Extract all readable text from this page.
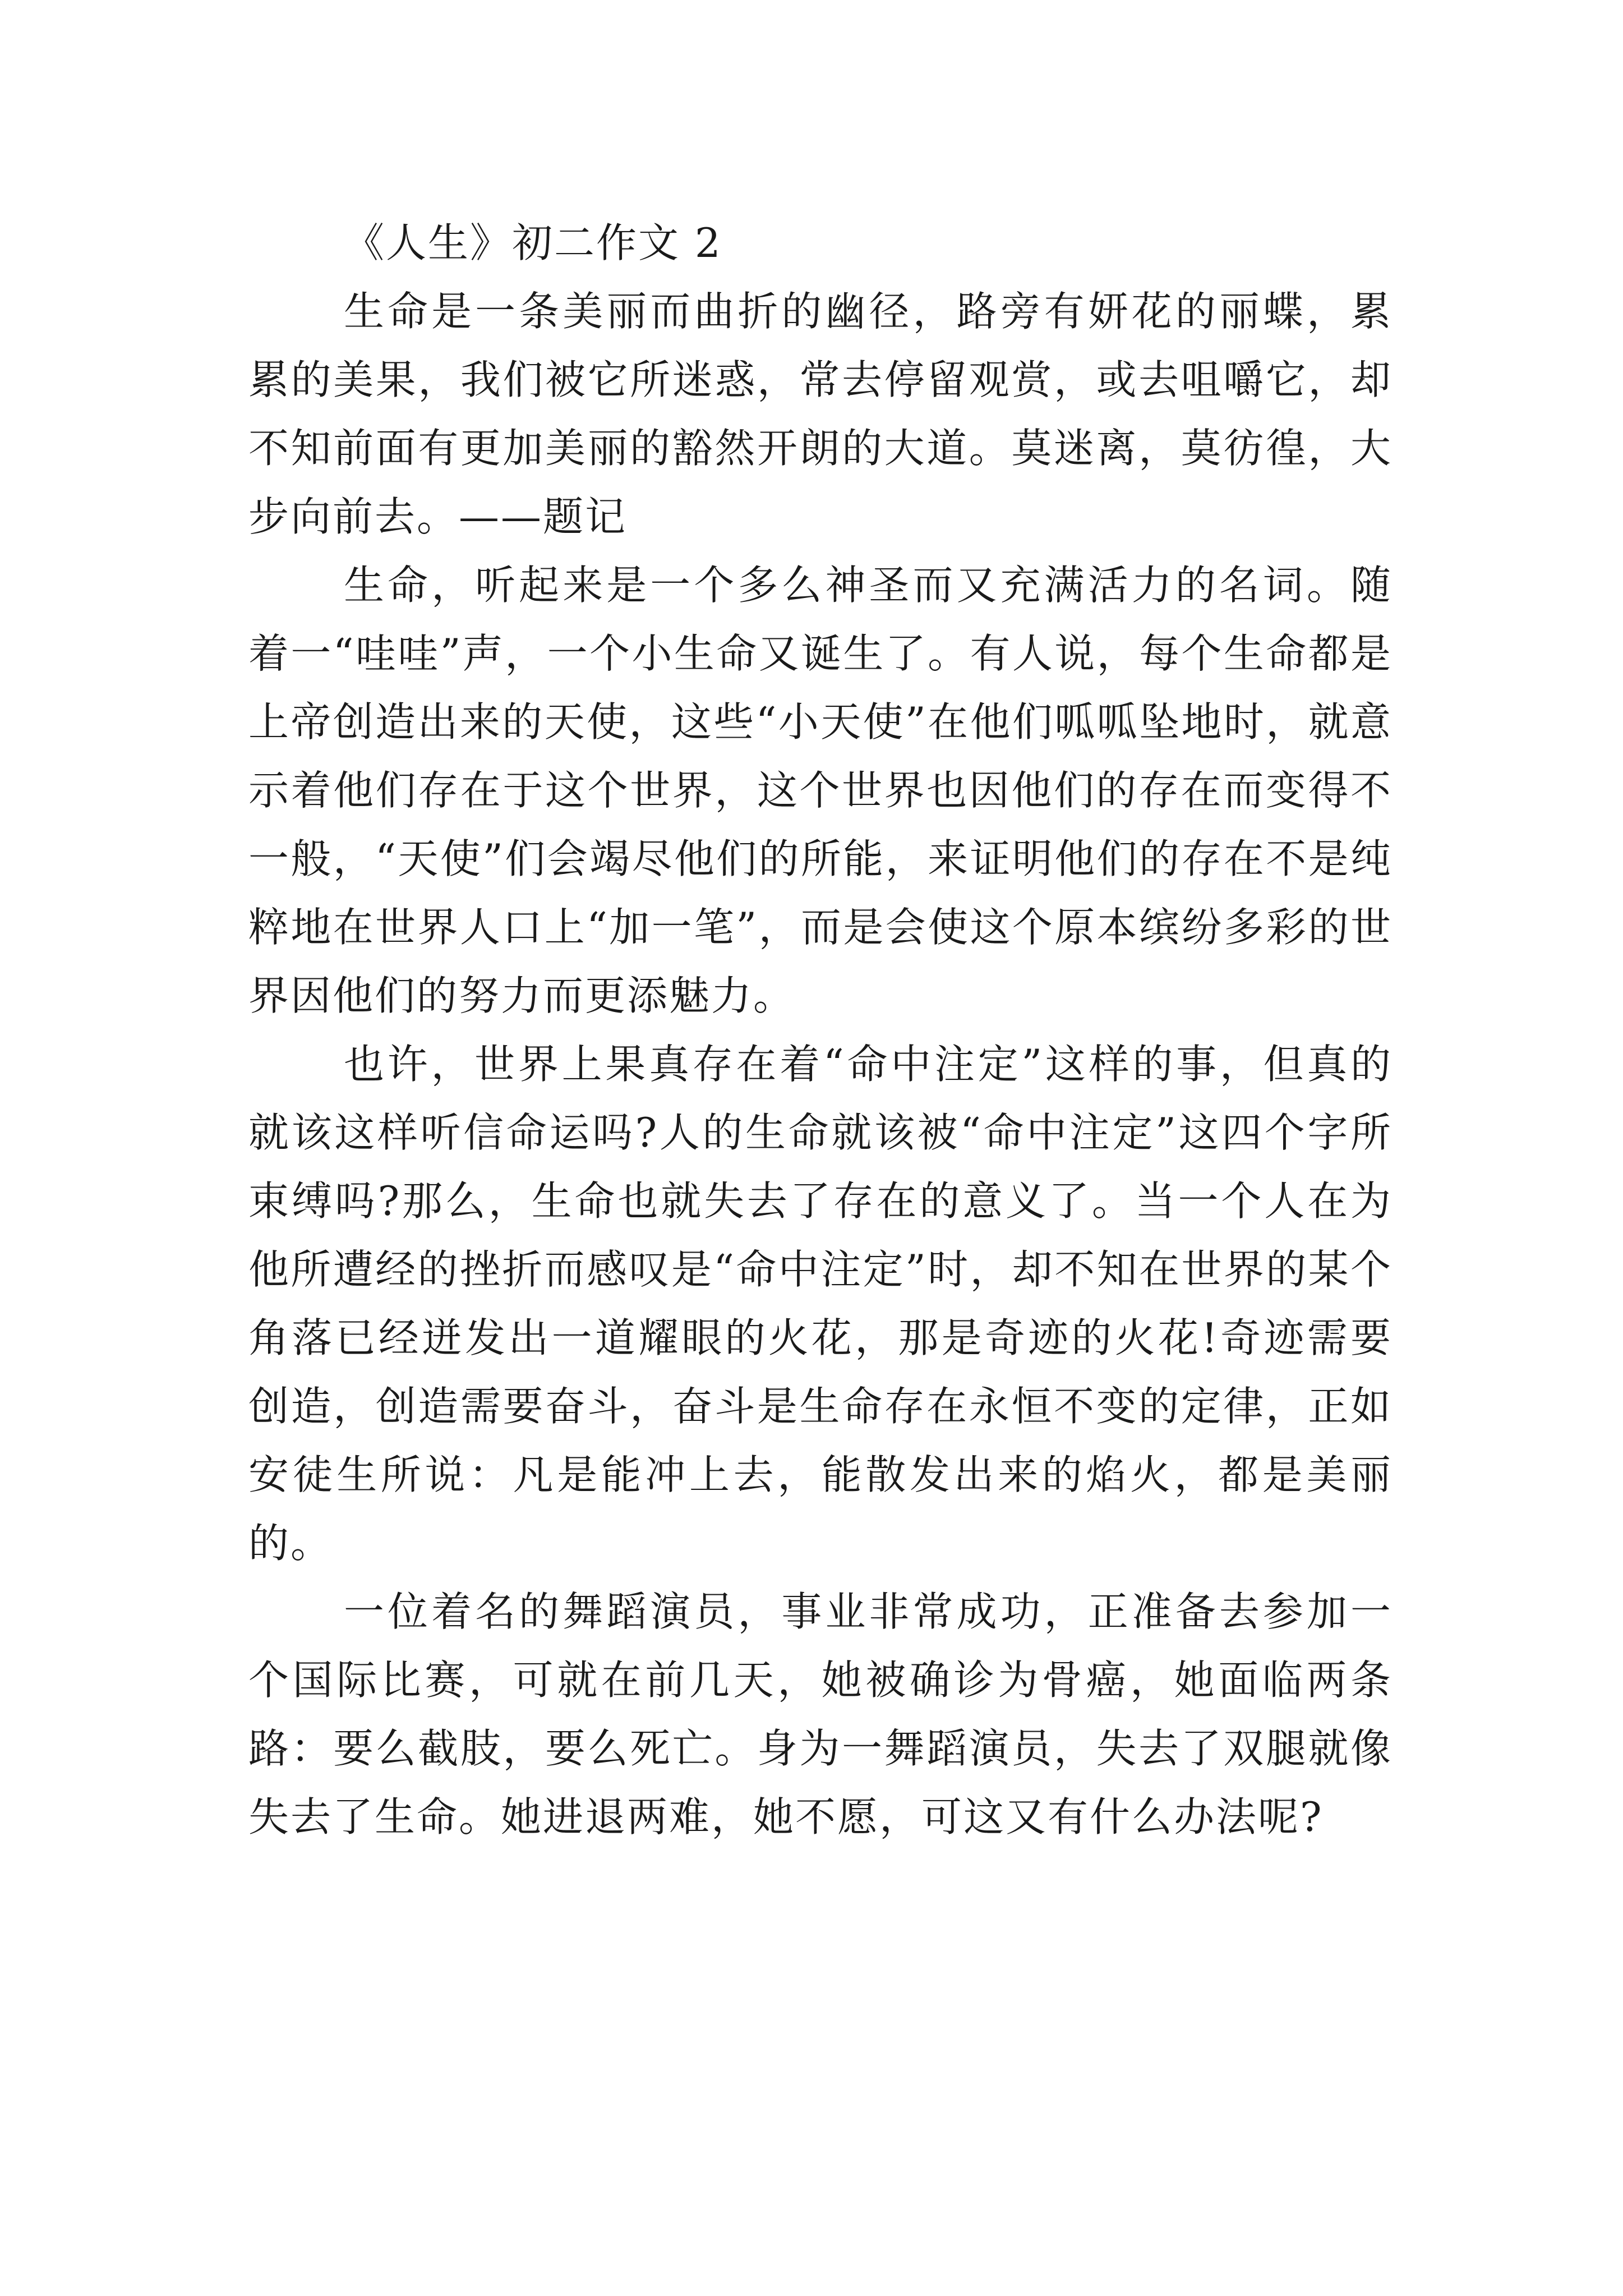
《人生》初二作文 2

生命是一条美丽而曲折的幽径，路旁有妍花的丽蝶，累累的美果，我们被它所迷惑，常去停留观赏，或去咀嚼它，却不知前面有更加美丽的豁然开朗的大道。莫迷离，莫彷徨，大步向前去。——题记

生命，听起来是一个多么神圣而又充满活力的名词。随着一“哇哇”声，一个小生命又诞生了。有人说，每个生命都是上帝创造出来的天使，这些“小天使”在他们呱呱坠地时，就意示着他们存在于这个世界，这个世界也因他们的存在而变得不一般，“天使”们会竭尽他们的所能，来证明他们的存在不是纯粹地在世界人口上“加一笔”，而是会使这个原本缤纷多彩的世界因他们的努力而更添魅力。

也许，世界上果真存在着“命中注定”这样的事，但真的就该这样听信命运吗?人的生命就该被“命中注定”这四个字所束缚吗?那么，生命也就失去了存在的意义了。当一个人在为他所遭经的挫折而感叹是“命中注定”时，却不知在世界的某个角落已经迸发出一道耀眼的火花，那是奇迹的火花!奇迹需要创造，创造需要奋斗，奋斗是生命存在永恒不变的定律，正如安徒生所说：凡是能冲上去，能散发出来的焰火，都是美丽的。

一位着名的舞蹈演员，事业非常成功，正准备去参加一个国际比赛，可就在前几天，她被确诊为骨癌，她面临两条路：要么截肢，要么死亡。身为一舞蹈演员，失去了双腿就像失去了生命。她进退两难，她不愿，可这又有什么办法呢?
